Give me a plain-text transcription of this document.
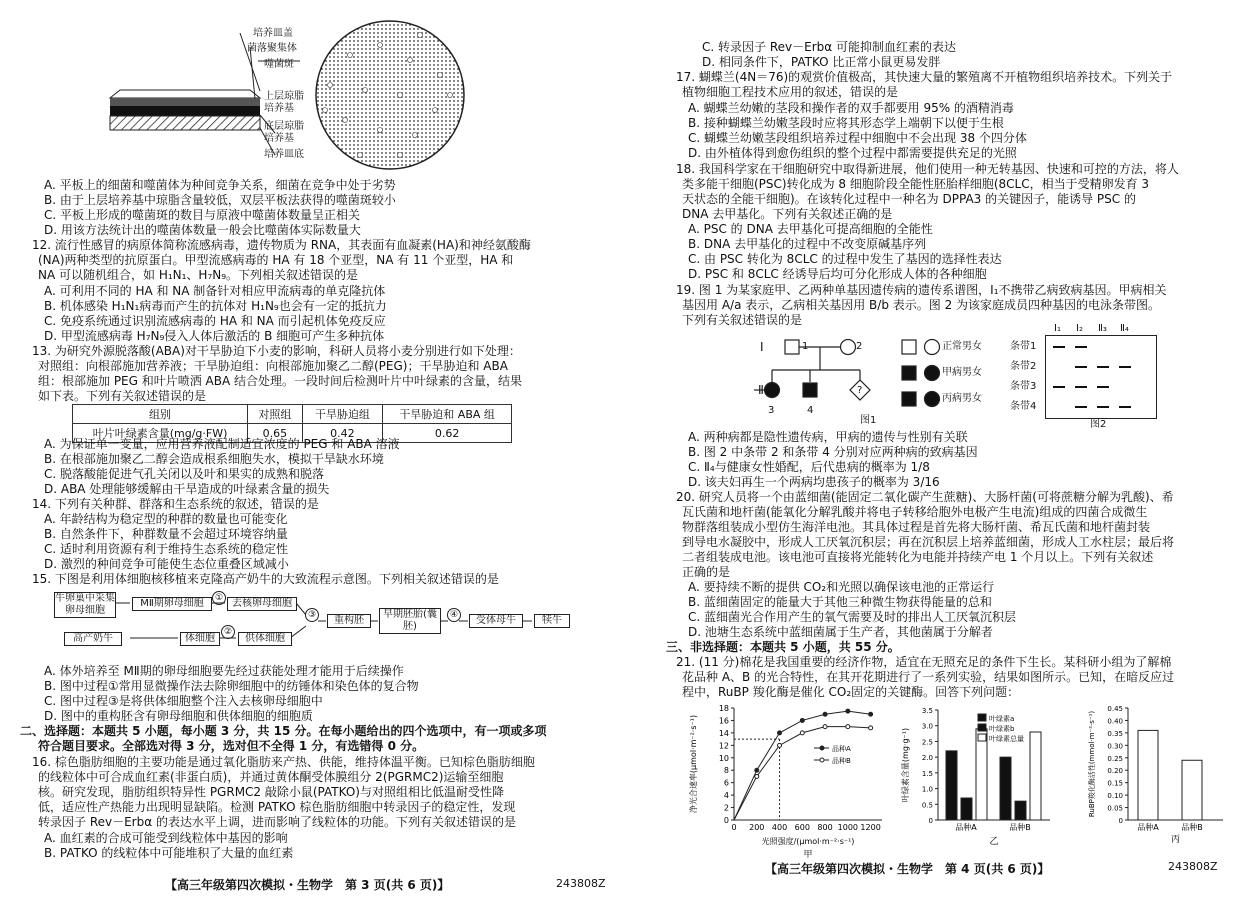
培养皿盖
菌落聚集体
噬菌斑
上层琼脂
培养基
底层琼脂
培养基
培养皿底
A. 平板上的细菌和噬菌体为种间竞争关系，细菌在竞争中处于劣势
B. 由于上层培养基中琼脂含量较低，双层平板法获得的噬菌斑较小
C. 平板上形成的噬菌斑的数目与原液中噬菌体数量呈正相关
D. 用该方法统计出的噬菌体数量一般会比噬菌体实际数量大
12. 流行性感冒的病原体简称流感病毒，遗传物质为 RNA，其表面有血凝素(HA)和神经氨酸酶
(NA)两种类型的抗原蛋白。甲型流感病毒的 HA 有 18 个亚型，NA 有 11 个亚型，HA 和
NA 可以随机组合，如 H₁N₁、H₇N₉。下列相关叙述错误的是
A. 可利用不同的 HA 和 NA 制备针对相应甲流病毒的单克隆抗体
B. 机体感染 H₁N₁病毒而产生的抗体对 H₁N₉也会有一定的抵抗力
C. 免疫系统通过识别流感病毒的 HA 和 NA 而引起机体免疫反应
D. 甲型流感病毒 H₇N₉侵入人体后激活的 B 细胞可产生多种抗体
13. 为研究外源脱落酸(ABA)对干旱胁迫下小麦的影响，科研人员将小麦分别进行如下处理：
对照组：向根部施加营养液；干旱胁迫组：向根部施加聚乙二醇(PEG)；干旱胁迫和 ABA
组：根部施加 PEG 和叶片喷洒 ABA 结合处理。一段时间后检测叶片中叶绿素的含量，结果
如下表。下列有关叙述错误的是
组别	对照组	干旱胁迫组	干旱胁迫和 ABA 组
叶片叶绿素含量(mg/g·FW)	0.65	0.42	0.62
A. 为保证单一变量，应用营养液配制适宜浓度的 PEG 和 ABA 溶液
B. 在根部施加聚乙二醇会造成根系细胞失水，模拟干旱缺水环境
C. 脱落酸能促进气孔关闭以及叶和果实的成熟和脱落
D. ABA 处理能够缓解由干旱造成的叶绿素含量的损失
14. 下列有关种群、群落和生态系统的叙述，错误的是
A. 年龄结构为稳定型的种群的数量也可能变化
B. 自然条件下，种群数量不会超过环境容纳量
C. 适时利用资源有利于维持生态系统的稳定性
D. 激烈的种间竞争可能使生态位重叠区域减小
15. 下图是利用体细胞核移植来克隆高产奶牛的大致流程示意图。下列相关叙述错误的是
牛卵巢中采集卵母细胞
MⅡ期卵母细胞	去核卵母细胞
高产奶牛	体细胞	供体细胞
重构胚
早期胚胎(囊胚)
受体母牛	犊牛
①
②
③	④
A. 体外培养至 MⅡ期的卵母细胞要先经过获能处理才能用于后续操作
B. 图中过程①常用显微操作法去除卵细胞中的纺锤体和染色体的复合物
C. 图中过程③是将供体细胞整个注入去核卵母细胞中
D. 图中的重构胚含有卵母细胞和供体细胞的细胞质
二、选择题：本题共 5 小题，每小题 3 分，共 15 分。在每小题给出的四个选项中，有一项或多项
符合题目要求。全部选对得 3 分，选对但不全得 1 分，有选错得 0 分。
16. 棕色脂肪细胞的主要功能是通过氧化脂肪来产热、供能，维持体温平衡。已知棕色脂肪细胞
的线粒体中可合成血红素(非蛋白质)，并通过黄体酮受体膜组分 2(PGRMC2)运输至细胞
核。研究发现，脂肪组织特异性 PGRMC2 敲除小鼠(PATKO)与对照组相比低温耐受性降
低，适应性产热能力出现明显缺陷。检测 PATKO 棕色脂肪细胞中转录因子的稳定性，发现
转录因子 Rev－Erbα 的表达水平上调，进而影响了线粒体的功能。下列有关叙述错误的是
A. 血红素的合成可能受到线粒体中基因的影响
B. PATKO 的线粒体中可能堆积了大量的血红素
【高三年级第四次模拟・生物学　第 3 页(共 6 页)】	243808Z
C. 转录因子 Rev－Erbα 可能抑制血红素的表达
D. 相同条件下，PATKO 比正常小鼠更易发胖
17. 蝴蝶兰(4N＝76)的观赏价值极高，其快速大量的繁殖离不开植物组织培养技术。下列关于
植物细胞工程技术应用的叙述，错误的是
A. 蝴蝶兰幼嫩的茎段和操作者的双手都要用 95% 的酒精消毒
B. 接种蝴蝶兰幼嫩茎段时应将其形态学上端朝下以便于生根
C. 蝴蝶兰幼嫩茎段组织培养过程中细胞中不会出现 38 个四分体
D. 由外植体得到愈伤组织的整个过程中都需要提供充足的光照
18. 我国科学家在干细胞研究中取得新进展，他们使用一种无转基因、快速和可控的方法，将人
类多能干细胞(PSC)转化成为 8 细胞阶段全能性胚胎样细胞(8CLC，相当于受精卵发育 3
天状态的全能干细胞)。在该转化过程中一种名为 DPPA3 的关键因子，能诱导 PSC 的
DNA 去甲基化。下列有关叙述正确的是
A. PSC 的 DNA 去甲基化可提高细胞的全能性
B. DNA 去甲基化的过程中不改变原碱基序列
C. 由 PSC 转化为 8CLC 的过程中发生了基因的选择性表达
D. PSC 和 8CLC 经诱导后均可分化形成人体的各种细胞
19. 图 1 为某家庭甲、乙两种单基因遗传病的遗传系谱图，Ⅰ₁不携带乙病致病基因。甲病相关
基因用 A/a 表示，乙病相关基因用 B/b 表示。图 2 为该家庭成员四种基因的电泳条带图。
下列有关叙述错误的是
Ⅰ
Ⅱ
1	2
3	4
?
正常男女
甲病男女
丙病男女
图1
Ⅰ₁ Ⅰ₂ Ⅱ₃ Ⅱ₄
条带1
条带2
条带3
条带4
图2
A. 两种病都是隐性遗传病，甲病的遗传与性别有关联
B. 图 2 中条带 2 和条带 4 分别对应两种病的致病基因
C. Ⅱ₄与健康女性婚配，后代患病的概率为 1/8
D. 该夫妇再生一个两病均患孩子的概率为 3/16
20. 研究人员将一个由蓝细菌(能固定二氧化碳产生蔗糖)、大肠杆菌(可将蔗糖分解为乳酸)、希
瓦氏菌和地杆菌(能氧化分解乳酸并将电子转移给胞外电极产生电流)组成的四菌合成微生
物群落组装成小型仿生海洋电池。其具体过程是首先将大肠杆菌、希瓦氏菌和地杆菌封装
到导电水凝胶中，形成人工厌氧沉积层；再在沉积层上培养蓝细菌，形成人工水柱层；最后将
二者组装成电池。该电池可直接将光能转化为电能并持续产电 1 个月以上。下列有关叙述
正确的是
A. 要持续不断的提供 CO₂和光照以确保该电池的正常运行
B. 蓝细菌固定的能量大于其他三种微生物获得能量的总和
C. 蓝细菌光合作用产生的氧气需要及时的排出人工厌氧沉积层
D. 池塘生态系统中蓝细菌属于生产者，其他菌属于分解者
三、非选择题：本题共 5 小题，共 55 分。
21. (11 分)棉花是我国重要的经济作物，适宜在无照充足的条件下生长。某科研小组为了解棉
花品种 A、B 的光合特性，在其开花期进行了一系列实验，结果如图所示。已知，在暗反应过
程中，RuBP 羧化酶是催化 CO₂固定的关键酶。回答下列问题：
0
2
4
6
8
10
12
14
16
18
0 200 400 600 800 1000 1200
品种A
品种B
净光合速率(μmol·m⁻²·s⁻¹)
光照强度/(μmol·m⁻²·s⁻¹)
甲
0
0.5
1.0
1.5
2.0
2.5
3.0
3.5
品种A	品种B
叶绿素a
叶绿素b
叶绿素总量
叶绿素含量(mg·g⁻¹)
乙
0
0.05
0.10
0.15
0.20
0.25
0.30
0.35
0.40
0.45
品种A	品种B
RuBP羧化酶活性(mmol·m⁻²·s⁻¹)
丙
【高三年级第四次模拟・生物学　第 4 页(共 6 页)】	243808Z
